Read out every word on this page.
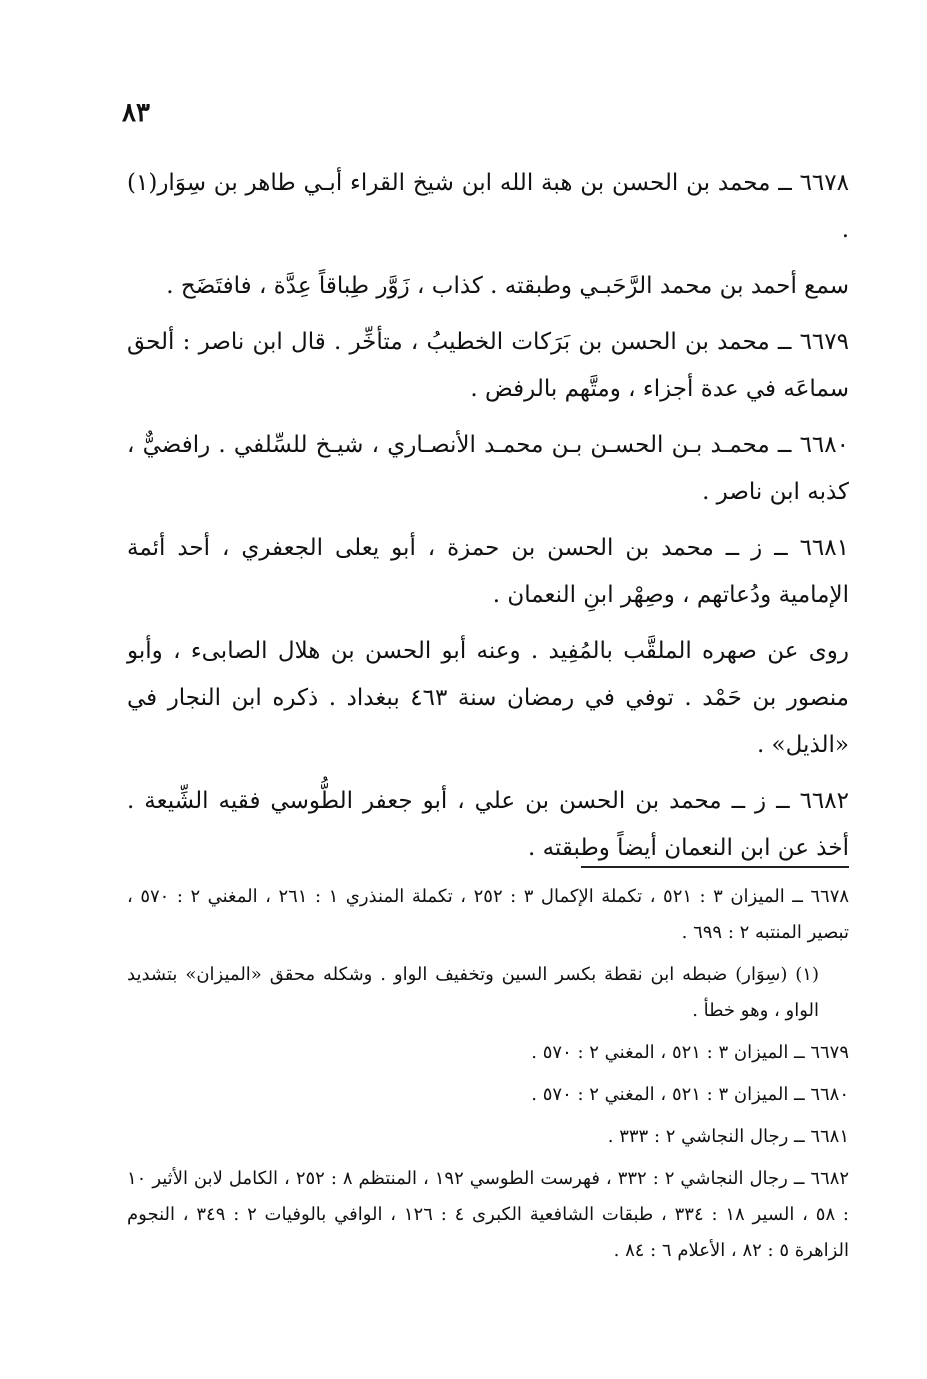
٨٣

٦٦٧٨ ــ محمد بن الحسن بن هبة الله ابن شيخ القراء أبـي طاهر بن سِوَار(١) .

سمع أحمد بن محمد الرَّحَبـي وطبقته . كذاب ، زَوَّر طِباقاً عِدَّة ، فافتَضَح .

٦٦٧٩ ــ محمد بن الحسن بن بَرَكات الخطيبُ ، متأخِّر . قال ابن ناصر : ألحق سماعَه في عدة أجزاء ، ومتَّهم بالرفض .

٦٦٨٠ ــ محمـد بـن الحسـن بـن محمـد الأنصـاري ، شيـخ للسِّلفي . رافضيٌّ ، كذبه ابن ناصر .

٦٦٨١ ــ ز ــ محمد بن الحسن بن حمزة ، أبو يعلى الجعفري ، أحد أئمة الإمامية ودُعاتهم ، وصِهْر ابنِ النعمان .

روى عن صهره الملقَّب بالمُفِيد . وعنه أبو الحسن بن هلال الصابىء ، وأبو منصور بن حَمْد . توفي في رمضان سنة ٤٦٣ ببغداد . ذكره ابن النجار في «الذيل» .

٦٦٨٢ ــ ز ــ محمد بن الحسن بن علي ، أبو جعفر الطُّوسي فقيه الشِّيعة . أخذ عن ابن النعمان أيضاً وطبقته .

٦٦٧٨ ــ الميزان ٣ : ٥٢١ ، تكملة الإكمال ٣ : ٢٥٢ ، تكملة المنذري ١ : ٢٦١ ، المغني ٢ : ٥٧٠ ، تبصير المنتبه ٢ : ٦٩٩ .

(١) (سِوَار) ضبطه ابن نقطة بكسر السين وتخفيف الواو . وشكله محقق «الميزان» بتشديد الواو ، وهو خطأ .

٦٦٧٩ ــ الميزان ٣ : ٥٢١ ، المغني ٢ : ٥٧٠ .

٦٦٨٠ ــ الميزان ٣ : ٥٢١ ، المغني ٢ : ٥٧٠ .

٦٦٨١ ــ رجال النجاشي ٢ : ٣٣٣ .

٦٦٨٢ ــ رجال النجاشي ٢ : ٣٣٢ ، فهرست الطوسي ١٩٢ ، المنتظم ٨ : ٢٥٢ ، الكامل لابن الأثير ١٠ : ٥٨ ، السير ١٨ : ٣٣٤ ، طبقات الشافعية الكبرى ٤ : ١٢٦ ، الوافي بالوفيات ٢ : ٣٤٩ ، النجوم الزاهرة ٥ : ٨٢ ، الأعلام ٦ : ٨٤ .
